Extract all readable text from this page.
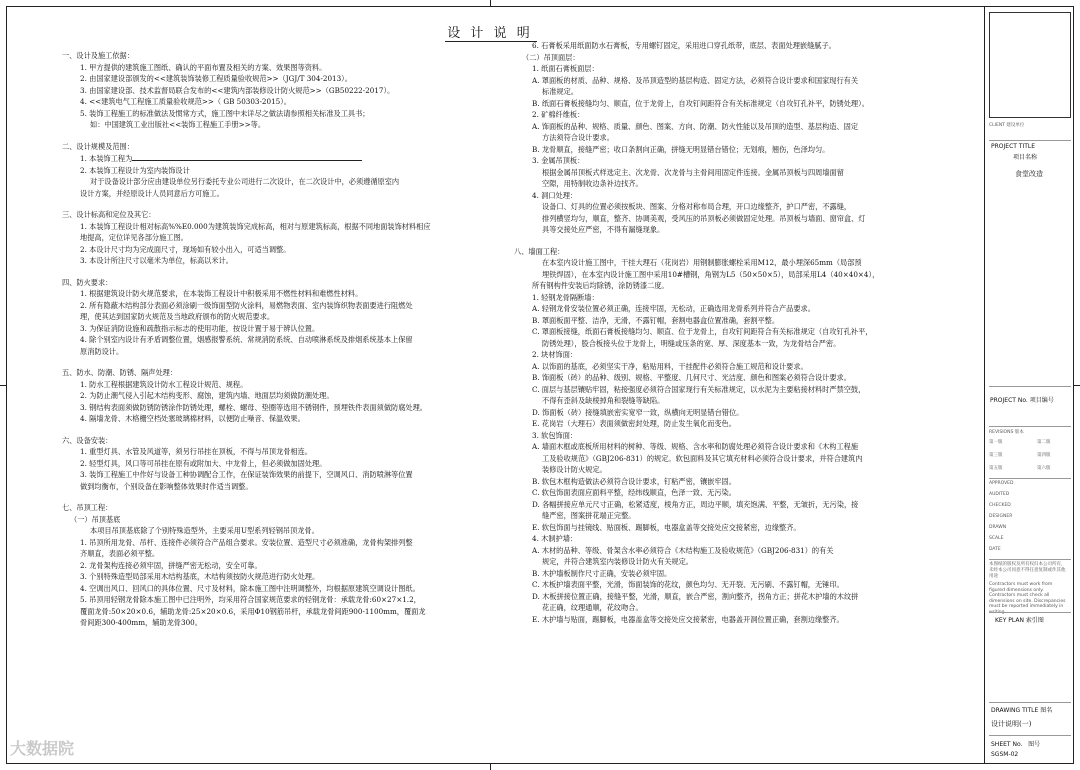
设 计 说 明

一、设计及施工依据：

1. 甲方提供的建筑施工图纸、确认的平面布置及相关的方案、效果图等资料。

2. 由国家建设部颁发的<<建筑装饰装修工程质量验收规范>>（JGJ/T 304-2013）。

3. 由国家建设部、技术监督局联合发布的<<建筑内部装修设计防火规范>>（GB50222-2017）。

4. <<建筑电气工程施工质量验收规范>>（ GB 50303-2015）。

5. 装饰工程施工的标准做法及惯常方式，施工图中未详尽之做法请参照相关标准及工具书；

如：中国建筑工业出版社<<装饰工程施工手册>>等。

二、设计规模及范围：

1. 本装饰工程为

2. 本装饰工程设计为室内装饰设计

对于设备设计部分应由建设单位另行委托专业公司进行二次设计，在二次设计中，必须遵循原室内

设计方案，并经原设计人员同意后方可施工。

三、设计标高和定位及其它：

1. 本装饰工程设计相对标高%%E0.000为建筑装饰完成标高，相对与原建筑标高，根据不同地面装饰材料相应

地提高，定位详见各部分施工图。

2. 本设计尺寸均为完成面尺寸，现场如有较小出入，可适当调整。

3. 本设计所注尺寸以毫米为单位，标高以米计。

四、防火要求：

1. 根据建筑设计防火规范要求，在本装饰工程设计中积极采用不燃性材料和难燃性材料。

2. 所有隐蔽木结构部分表面必须涂刷一级饰面型防火涂料，易燃物表面、室内装饰织物表面要进行阻燃处

理，使其达到国家防火规范及当地政府颁布的防火规范要求。

3. 为保证消防设施和疏散指示标志的使用功能，按设计置于易于辨认位置。

4. 除个别室内设计有矛盾调整位置，烟感报警系统、常规消防系统、自动喷淋系统及排烟系统基本上保留

原消防设计。

五、防水、防潮、防锈、隔声处理：

1. 防水工程根据建筑设计防水工程设计规范、规程。

2. 为防止潮气侵入引起木结构变形、腐蚀，建筑内墙、地面层均须做防潮处理。

3. 钢结构表面须做防锈防锈涂作防锈处理，螺栓、螺母、垫圈等选用不锈钢件，预埋铁件表面须做防腐处理。

4. 隔墙龙骨、木格栅空档处塞玻璃棉材料，以便防止噪音、保温效果。

六、设备安装：

1. 重型灯具、水管及风道等，须另行吊挂在顶板，不得与吊顶龙骨相连。

2. 轻型灯具，风口等可吊挂在原有或附加大、中龙骨上，但必须做加固处理。

3. 装饰工程施工中作好与设备工种协调配合工作，在保证装饰效果的前提下，空调风口、消防喷淋等位置

做到均衡布，个别设备在影响整体效果时作适当调整。

七、吊顶工程：

（一）吊顶基底

本项目吊顶基底除了个别特殊造型外，主要采用U型系列轻钢吊顶龙骨。

1. 吊顶所用龙骨、吊杆、连接件必须符合产品组合要求。安装位置、造型尺寸必须准确，龙骨构架排列整

齐顺直，表面必须平整。

2. 龙骨架构连接必须牢固，拼缝严密无松动，安全可靠。

3. 个别特殊造型局部采用木结构基底，木结构须按防火规范进行防火处理。

4. 空调出风口、回风口的具体位置、尺寸及材料，除本施工图中注明调整外，均根据原建筑空调设计图纸。

5. 吊顶用轻钢龙骨除本施工图中已注明外，均采用符合国家规范要求的轻钢龙骨：承载龙骨:60×27×1.2，

覆面龙骨:50×20×0.6，辅助龙骨:25×20×0.6，采用Φ10钢筋吊杆，承载龙骨间距900-1100mm，覆面龙

骨间距300-400mm，辅助龙骨300。

6. 石膏板采用纸面防水石膏板，专用螺钉固定，采用进口穿孔纸带，底层、表面处理嵌缝腻子。

（二）吊顶面层：

1. 纸面石膏板面层：

A. 罩面板的材质、品种、规格、及吊顶造型的基层构造、固定方法，必须符合设计要求和国家现行有关

标准规定。

B. 纸面石膏板接缝均匀、顺直，位于龙骨上，自攻钉间距符合有关标准规定（自攻钉孔补平，防锈处理）。

2. 矿棉纤维板：

A. 饰面板的品种、规格、质量、颜色、图案、方向、防潮、防火性能以及吊顶的造型、基层构造、固定

方法须符合设计要求。

B. 龙骨顺直，接缝严密；收口条割向正确，拼缝无明显错台错位；无划痕，翘伤，色泽均匀。

3. 金属吊顶板：

根据金属吊顶板式样选定主、次龙骨、次龙骨与主骨间用固定件连接。金属吊顶板与四周墙面留

空隙，用特制收边条补边找齐。

4. 洞口处理：

设备口、灯具的位置必须按板块、图案、分格对称布局合理，开口边缘整齐，护口严密，不露缝，

排列横竖均匀，顺直，整齐、协调美观，受风压的吊顶板必须做固定处理。吊顶板与墙面、窗帘盒、灯

具等交接处应严密，不得有漏缝现象。

八、墙面工程：

在本室内设计施工图中，干挂大理石（花岗岩）用钢制膨胀螺栓采用M12，最小埋深65mm（局部预

埋铁焊固），在本室内设计施工图中采用10#槽钢，角钢为L5（50×50×5），局部采用L4（40×40×4），

所有钢构件安装后均除锈，涂防锈漆二度。

1. 轻钢龙骨隔断墙：

A. 轻钢龙骨安装位置必须正确，连接牢固，无松动，正确选用龙骨系列并符合产品要求。

B. 罩面板面平整、洁净，无滑，不露钉帽，套割电器盒位置准确，套割平整。

C. 罩面板接缝，纸面石膏板接缝均匀、顺直、位于龙骨上，自攻钉间距符合有关标准规定（自攻钉孔补平，

防锈处理），股合板接头位于龙骨上，明缝或压条的宽、厚、深度基本一致，为龙骨结合严密。

2. 块材饰面：

A. 以饰面的基底，必须坚实干净，粘贴用料，干挂配件必须符合施工规范和设计要求。

B. 饰面板（砖）的品种、级别、规格、平整度、几何尺寸、光洁度、颜色和图案必须符合设计要求。

C. 面层与基层镶贴牢固，粘接强度必须符合国家现行有关标准规定，以水泥为主要粘接材料时严禁空鼓，

不得有歪斜及缺棱掉角和裂缝等缺陷。

D. 饰面板（砖）接缝填嵌密实宽窄一致，纵横向无明显错台错位。

E. 花岗岩（大理石）表面须做密封处理，防止发生氧化而变色。

3. 软包饰面：

A. 墙面木框或底板所用材料的树种、等级、规格、含水率和防腐处理必须符合设计要求和《木构工程施

工及验收规范》（GBJ206-831）的规定。软包面料及其它填充材料必须符合设计要求，并符合建筑内

装修设计防火规定。

B. 软包木框构造做法必须符合设计要求，钉粘严密，镶嵌牢固。

C. 软包饰面表面应面料平整，经纬线顺直，色泽一致、无污染。

D. 各幅拼接应单元尺寸正确，松紧适度，棱角方正，周边平顺，填充饱满、平整，无皱折，无污染，接

缝严密，图案拼花端正完整。

E. 软包饰面与挂镜线、贴面板、踢脚板，电器盒盖等交接处应交接紧密，边缘整齐。

4. 木制护墙：

A. 木材的品种、等级、骨架含水率必须符合《木结构施工及验收规范》（GBJ206-831）的有关

规定，并符合建筑室内装修设计防火有关规定。

B. 木护墙板制作尺寸正确，安装必须牢固。

C. 木板护墙表面平整，光滑，饰面装饰的花纹，颜色均匀、无开裂、无污刷、不露钉帽，无锤印。

D. 木板拼接位置正确，接缝平整，光滑，顺直，嵌合严密，割向整齐，拐角方正；拼花木护墙的木纹拼

花正确，纹理通顺，花纹吻合。

E. 木护墙与贴面，踢脚板，电器盖盒等交接处应交接紧密，电器盖开洞位置正确，套割边缘整齐。

CLIENT 建设单位
PROJECT TITLE
项目名称
食堂改造
PROJECT No. 项目编号
REVISIONS 版本
第一版	第二版
第三版	第四版
第五版	第六版
APPROVED
AUDITED
CHECKED
DESIGNER
DRAWN
SCALE
DATE
本图纸的版权及所有权归本公司所有，未经本公司同意不得任意复制或作其他用途
Contractors must work from figured dimensions only. Contractors must check all dimensions on site. Discrepancies must be reported immediately in writing.
KEY PLAN 索引图
DRAWING TITLE 图名
设计说明(一)
SHEET No. 图号
SGSM-02
大数据院
